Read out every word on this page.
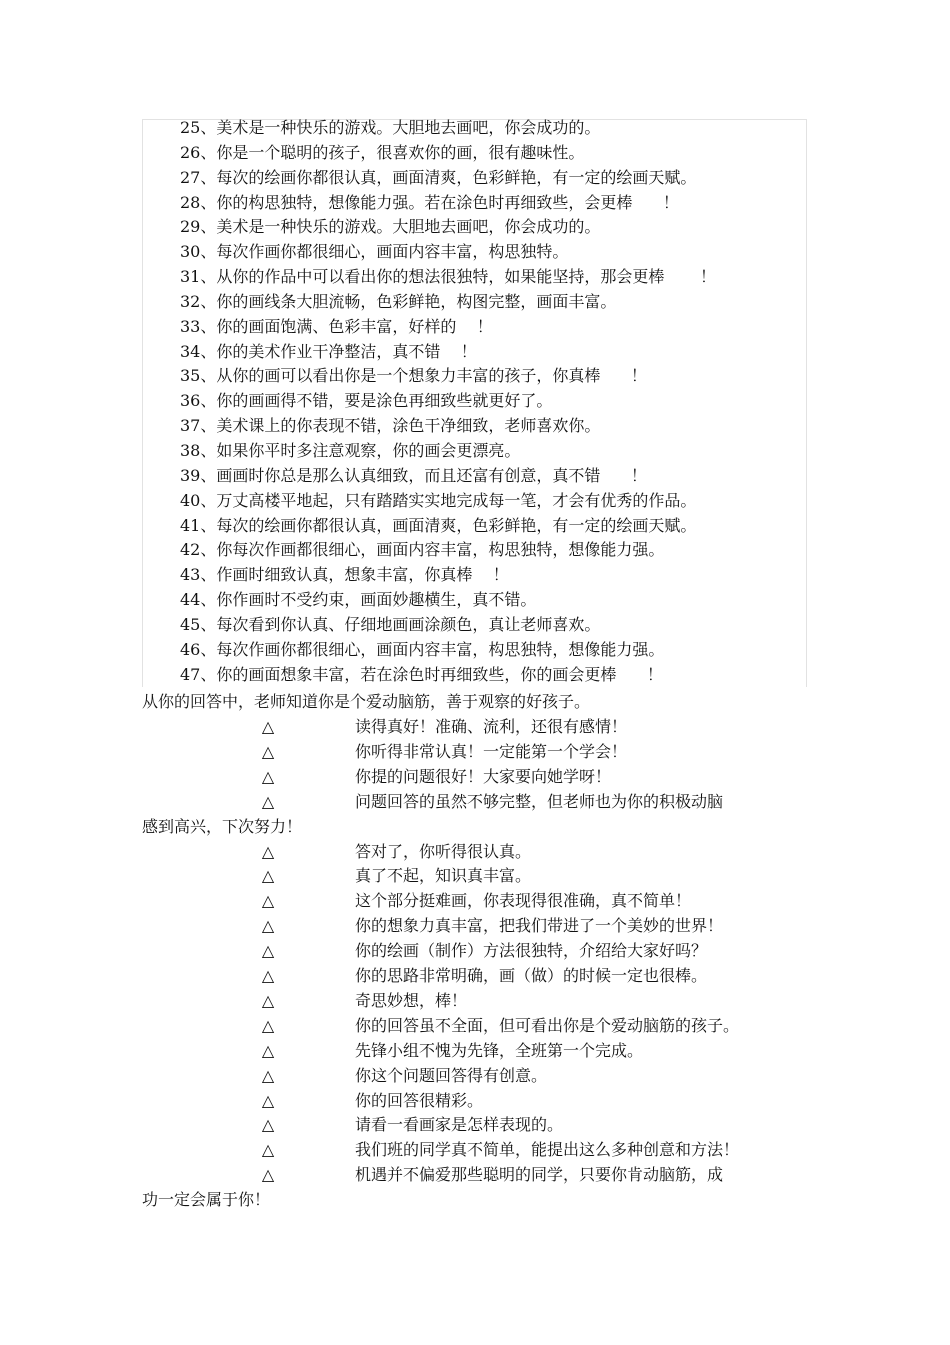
25、美术是一种快乐的游戏。大胆地去画吧，你会成功的。
26、你是一个聪明的孩子，很喜欢你的画，很有趣味性。
27、每次的绘画你都很认真，画面清爽，色彩鲜艳，有一定的绘画天赋。
28、你的构思独特，想像能力强。若在涂色时再细致些，会更棒      ！
29、美术是一种快乐的游戏。大胆地去画吧，你会成功的。
30、每次作画你都很细心，画面内容丰富，构思独特。
31、从你的作品中可以看出你的想法很独特，如果能坚持，那会更棒       ！
32、你的画线条大胆流畅，色彩鲜艳，构图完整，画面丰富。
33、你的画面饱满、色彩丰富，好样的    ！
34、你的美术作业干净整洁，真不错    ！
35、从你的画可以看出你是一个想象力丰富的孩子，你真棒      ！
36、你的画画得不错，要是涂色再细致些就更好了。
37、美术课上的你表现不错，涂色干净细致，老师喜欢你。
38、如果你平时多注意观察，你的画会更漂亮。
39、画画时你总是那么认真细致，而且还富有创意，真不错      ！
40、万丈高楼平地起，只有踏踏实实地完成每一笔，才会有优秀的作品。
41、每次的绘画你都很认真，画面清爽，色彩鲜艳，有一定的绘画天赋。
42、你每次作画都很细心，画面内容丰富，构思独特，想像能力强。
43、作画时细致认真，想象丰富，你真棒    ！
44、你作画时不受约束，画面妙趣横生，真不错。
45、每次看到你认真、仔细地画画涂颜色，真让老师喜欢。
46、每次作画你都很细心，画面内容丰富，构思独特，想像能力强。
47、你的画面想象丰富，若在涂色时再细致些，你的画会更棒      ！
从你的回答中，老师知道你是个爱动脑筋，善于观察的好孩子。
△	读得真好！准确、流利，还很有感情！
△	你听得非常认真！一定能第一个学会！
△	你提的问题很好！大家要向她学呀！
△	问题回答的虽然不够完整，但老师也为你的积极动脑
感到高兴，下次努力！
△	答对了，你听得很认真。
△	真了不起，知识真丰富。
△	这个部分挺难画，你表现得很准确，真不简单！
△	你的想象力真丰富，把我们带进了一个美妙的世界！
△	你的绘画（制作）方法很独特，介绍给大家好吗？
△	你的思路非常明确，画（做）的时候一定也很棒。
△	奇思妙想，棒！
△	你的回答虽不全面，但可看出你是个爱动脑筋的孩子。
△	先锋小组不愧为先锋，全班第一个完成。
△	你这个问题回答得有创意。
△	你的回答很精彩。
△	请看一看画家是怎样表现的。
△	我们班的同学真不简单，能提出这么多种创意和方法！
△	机遇并不偏爱那些聪明的同学，只要你肯动脑筋，成
功一定会属于你！
